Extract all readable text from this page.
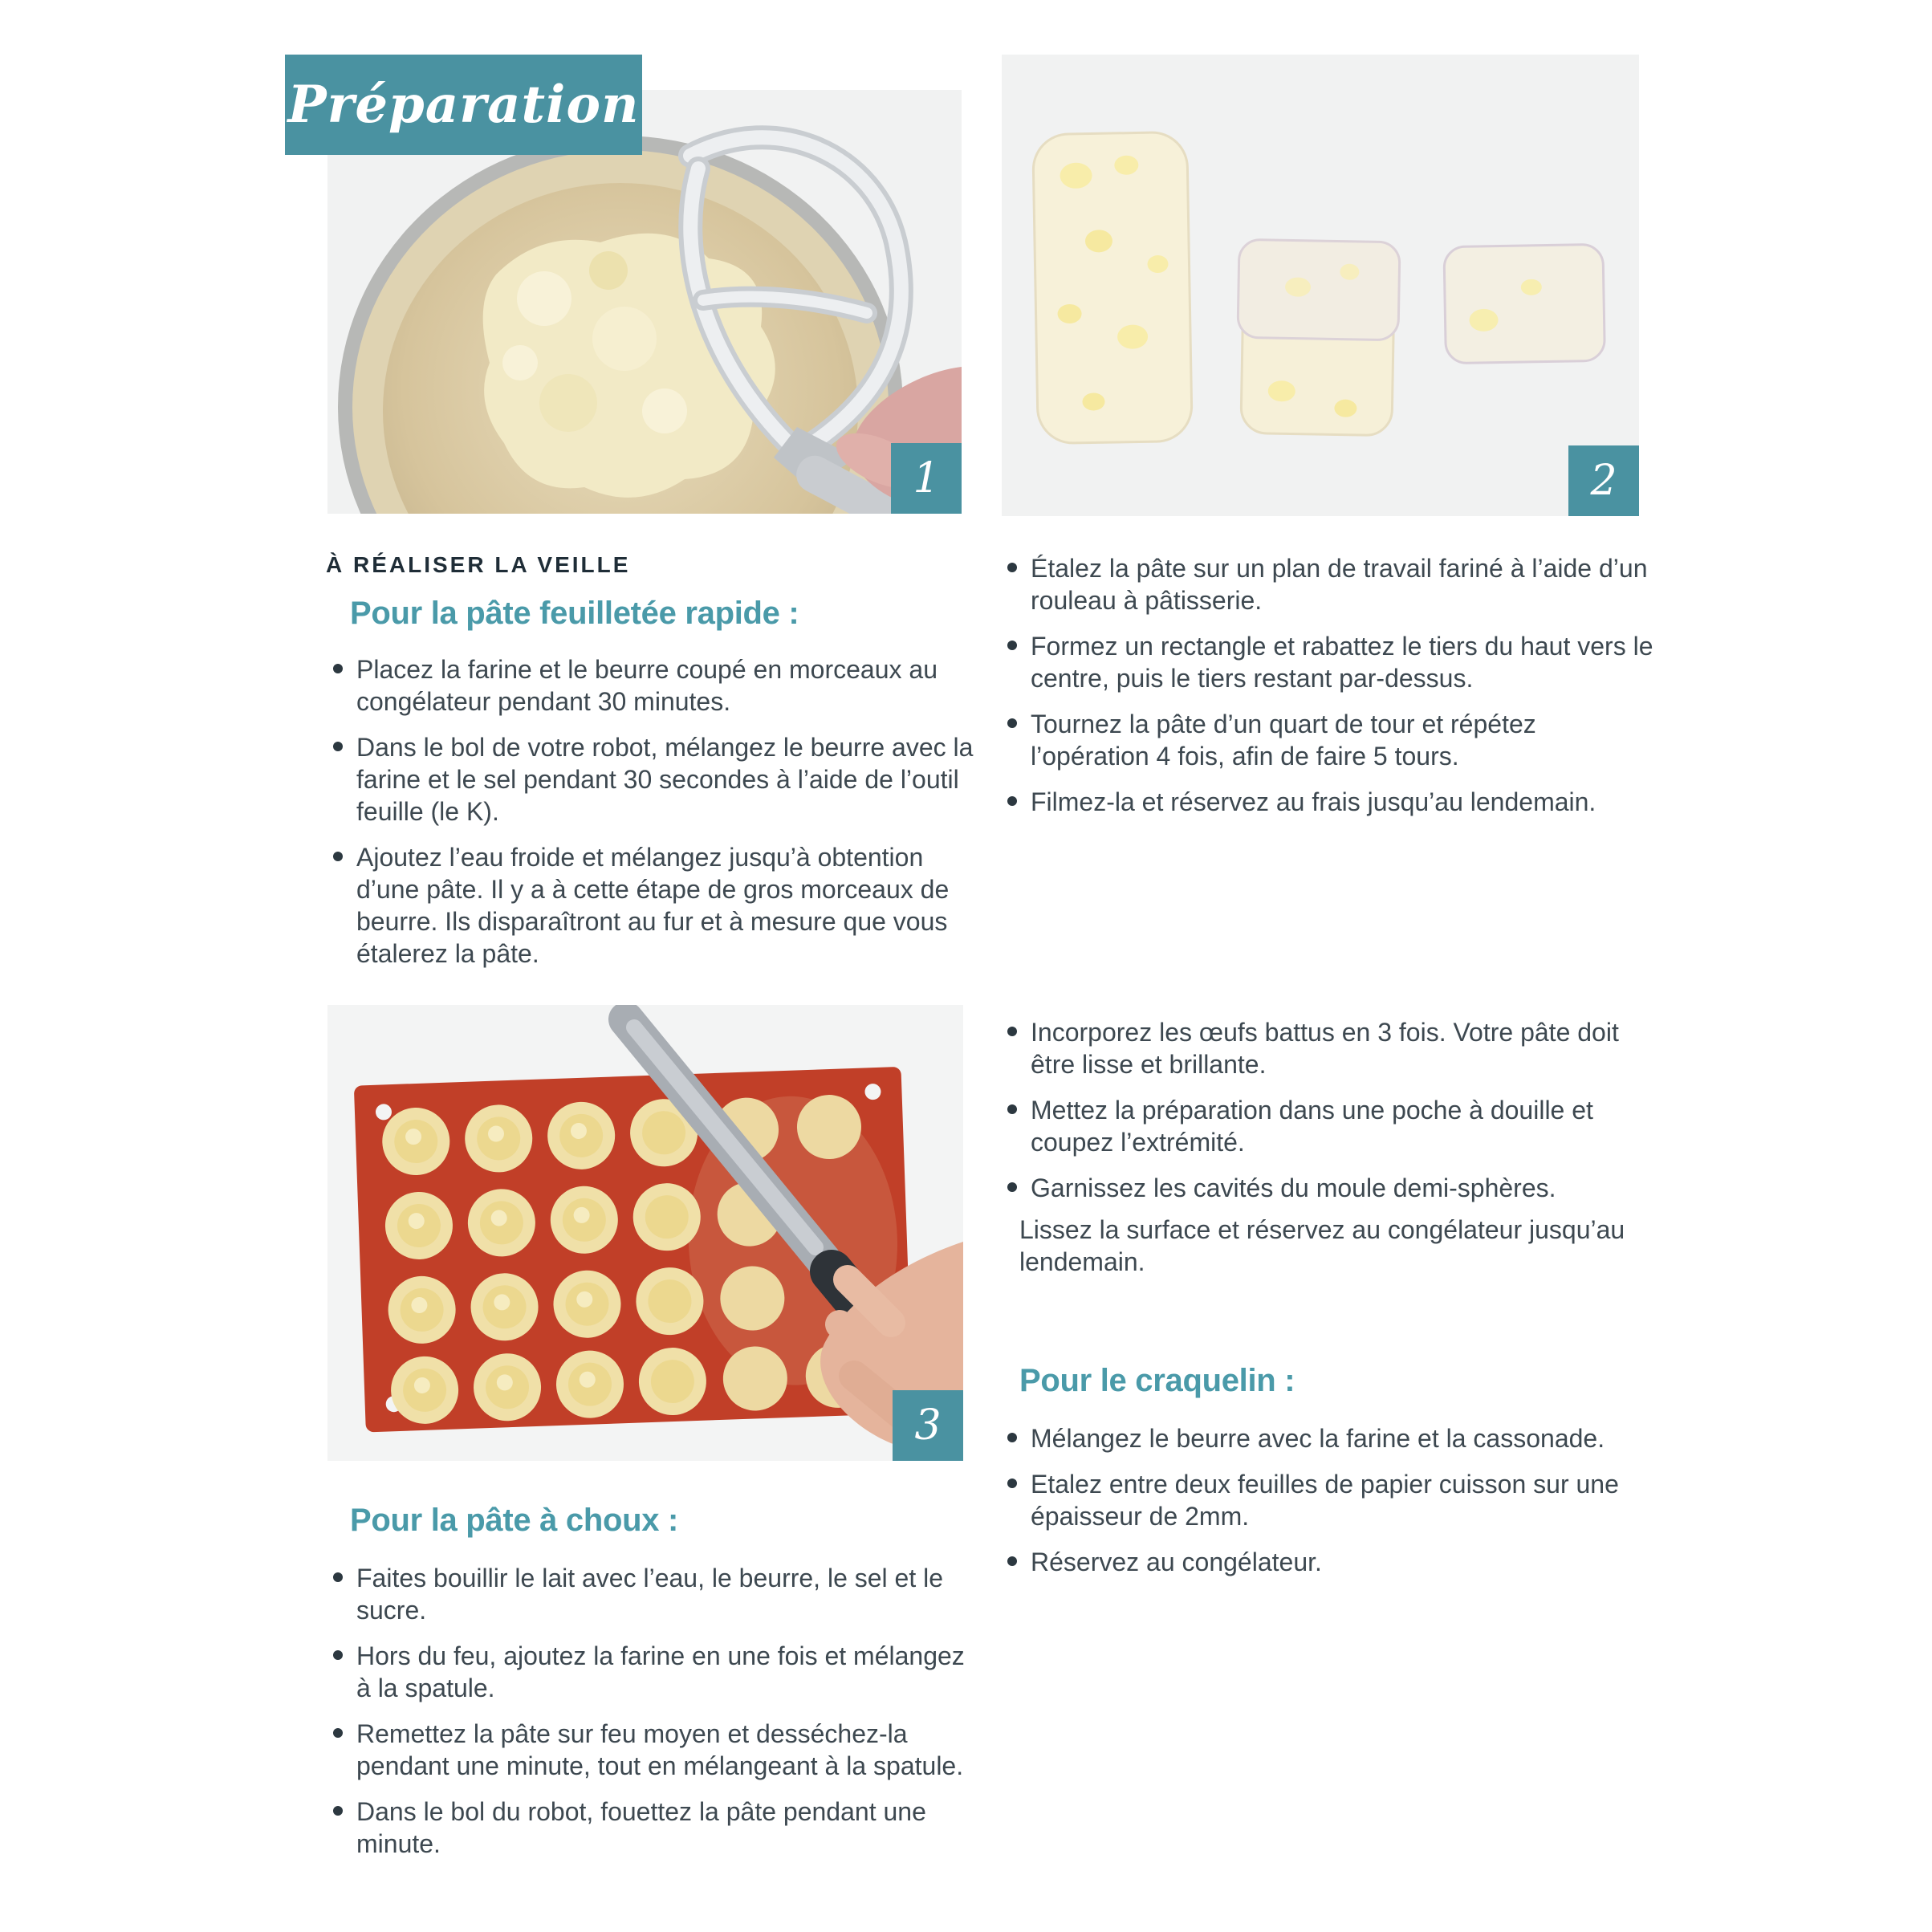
Préparation
1	2
3
À RÉALISER LA VEILLE
Pour la pâte feuilletée rapide :
Placez la farine et le beurre coupé en morceaux au congélateur pendant 30 minutes.
Dans le bol de votre robot, mélangez le beurre avec la farine et le sel pendant 30 secondes à l’aide de l’outil feuille (le K).
Ajoutez l’eau froide et mélangez jusqu’à obtention d’une pâte. Il y a à cette étape de gros morceaux de beurre. Ils disparaîtront au fur et à mesure que vous étalerez la pâte.
Pour la pâte à choux :
Faites bouillir le lait avec l’eau, le beurre, le sel et le sucre.
Hors du feu, ajoutez la farine en une fois et mélangez à la spatule.
Remettez la pâte sur feu moyen et desséchez-la pendant une minute, tout en mélangeant à la spatule.
Dans le bol du robot, fouettez la pâte pendant une minute.
Étalez la pâte sur un plan de travail fariné à l’aide d’un rouleau à pâtisserie.
Formez un rectangle et rabattez le tiers du haut vers le centre, puis le tiers restant par-dessus.
Tournez la pâte d’un quart de tour et répétez l’opération 4 fois, afin de faire 5 tours.
Filmez-la et réservez au frais jusqu’au lendemain.
Incorporez les œufs battus en 3 fois. Votre pâte doit être lisse et brillante.
Mettez la préparation dans une poche à douille et coupez l’extrémité.
Garnissez les cavités du moule demi-sphères.
Lissez la surface et réservez au congélateur jusqu’au lendemain.
Pour le craquelin :
Mélangez le beurre avec la farine et la cassonade.
Etalez entre deux feuilles de papier cuisson sur une épaisseur de 2mm.
Réservez au congélateur.
